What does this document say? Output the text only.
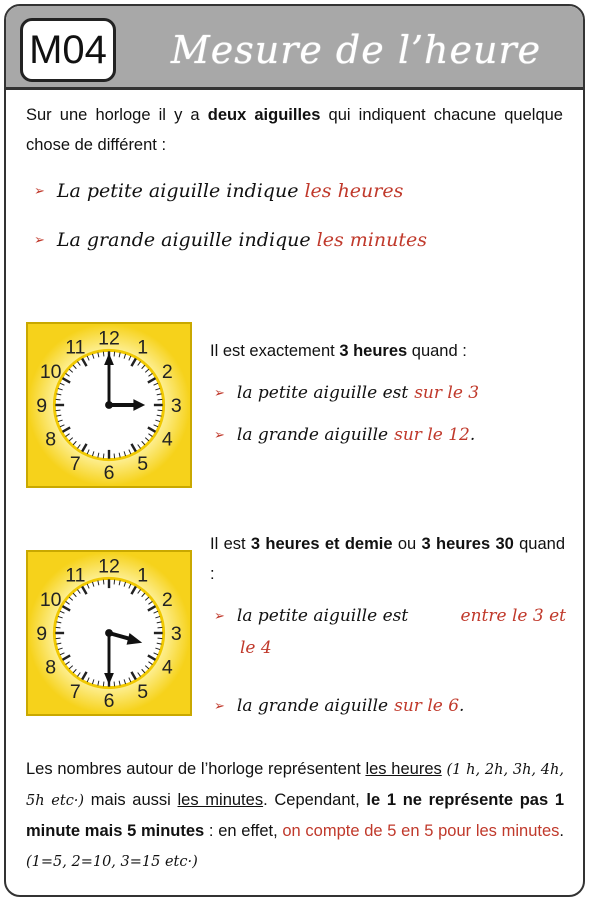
M04	Mesure de l’heure

Sur une horloge il y a deux aiguilles qui indiquent chacune quelque chose de différent :

➢ La petite aiguille indique les heures
➢ La grande aiguille indique les minutes
12 1
2
3
4
5
6
7
8
9
10
11	Il est exactement 3 heures quand :

➢ la petite aiguille est sur le 3
➢ la grande aiguille sur le 12 .
12 1
2
3
4
5
6
7
8
9
10
11

Il est 3 heures et demie ou 3 heures 30 quand :

➢ la petite aiguille est	entre le 3 et
le 4
➢ la grande aiguille sur le 6 .

Les nombres autour de l’horloge représentent les heures (1 h, 2h, 3h, 4h, 5h etc·) mais aussi les minutes. Cependant, le 1 ne représente pas 1 minute mais 5 minutes : en effet, on compte de 5 en 5 pour les minutes. (1=5, 2=10, 3=15 etc·)
